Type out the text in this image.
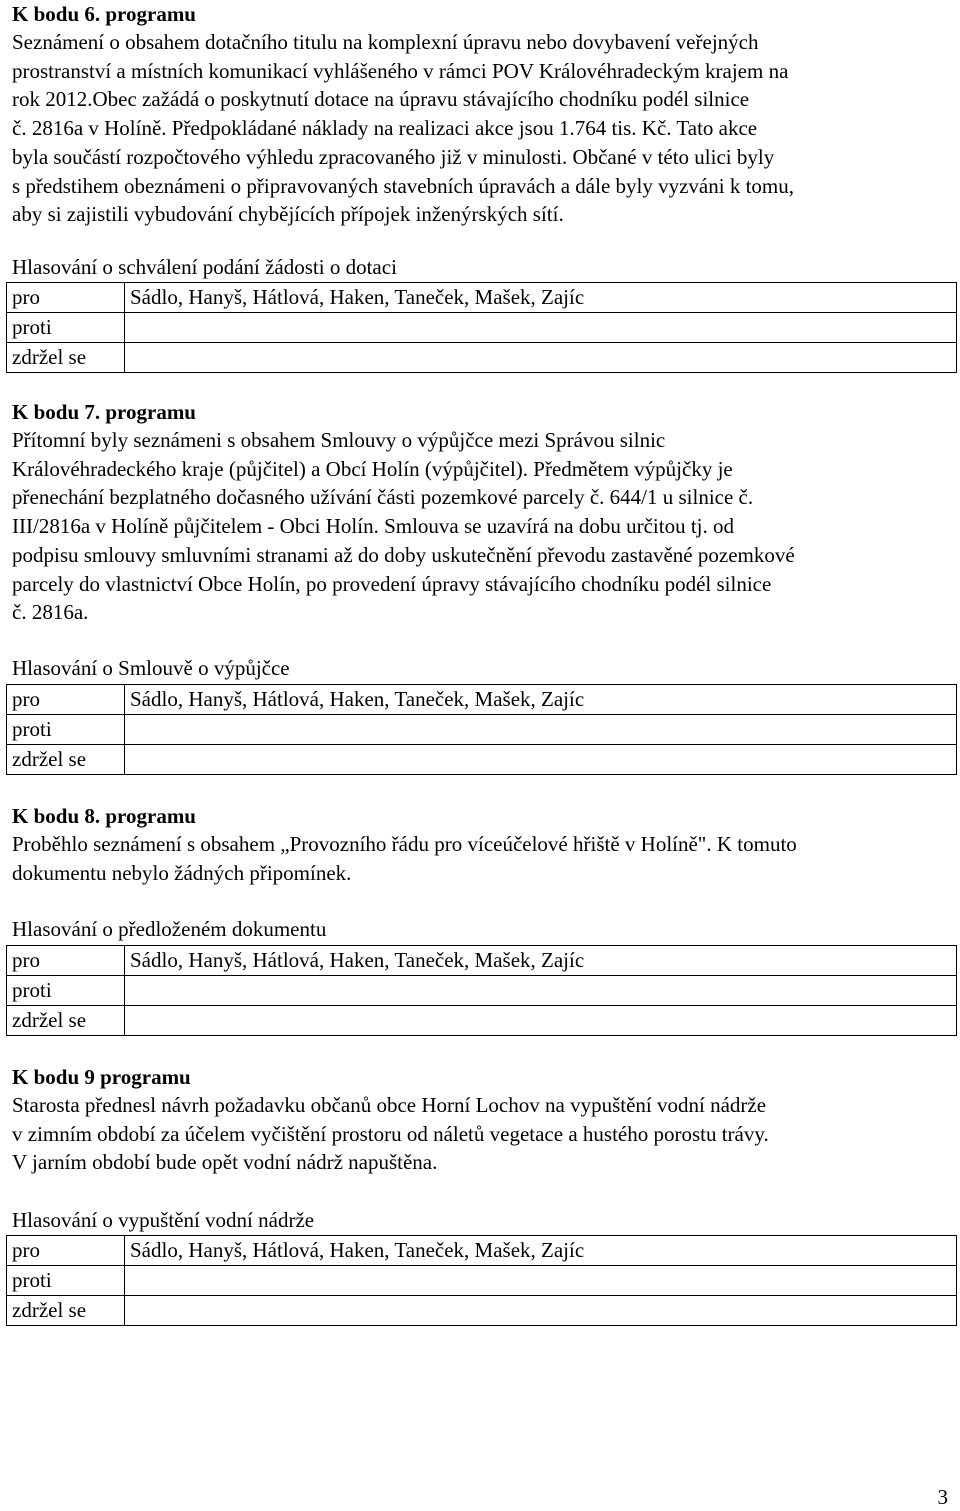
K bodu 6. programu

Seznámení o obsahem dotačního titulu na komplexní úpravu nebo dovybavení veřejných
prostranství a místních komunikací vyhlášeného v rámci POV Královéhradeckým krajem na
rok 2012.Obec zažádá o poskytnutí dotace na úpravu stávajícího chodníku podél silnice
č. 2816a v Holíně. Předpokládané náklady na realizaci akce jsou 1.764 tis. Kč. Tato akce
byla součástí rozpočtového výhledu zpracovaného již v minulosti. Občané v této ulici byly
s předstihem obeznámeni o připravovaných stavebních úpravách a dále byly vyzváni k tomu,
aby si zajistili vybudování chybějících přípojek inženýrských sítí.

Hlasování o schválení podání žádosti o dotaci
pro	Sádlo, Hanyš, Hátlová, Haken, Taneček, Mašek, Zajíc
proti	
zdržel se	

K bodu 7. programu

Přítomní byly seznámeni s obsahem Smlouvy o výpůjčce mezi Správou silnic
Královéhradeckého kraje (půjčitel) a Obcí Holín (výpůjčitel). Předmětem výpůjčky je
přenechání bezplatného dočasného užívání části pozemkové parcely č. 644/1 u silnice č.
III/2816a v Holíně půjčitelem - Obci Holín. Smlouva se uzavírá na dobu určitou tj. od
podpisu smlouvy smluvními stranami až do doby uskutečnění převodu zastavěné pozemkové
parcely do vlastnictví Obce Holín, po provedení úpravy stávajícího chodníku podél silnice
č. 2816a.

Hlasování o Smlouvě o výpůjčce
pro	Sádlo, Hanyš, Hátlová, Haken, Taneček, Mašek, Zajíc
proti	
zdržel se	

K bodu 8. programu

Proběhlo seznámení s obsahem „Provozního řádu pro víceúčelové hřiště v Holíně". K tomuto
dokumentu nebylo žádných připomínek.

Hlasování o předloženém dokumentu
pro	Sádlo, Hanyš, Hátlová, Haken, Taneček, Mašek, Zajíc
proti	
zdržel se	

K bodu 9 programu

Starosta přednesl návrh požadavku občanů obce Horní Lochov na vypuštění vodní nádrže
v zimním období za účelem vyčištění prostoru od náletů vegetace a hustého porostu trávy.
V jarním období bude opět vodní nádrž napuštěna.

Hlasování o vypuštění vodní nádrže
pro	Sádlo, Hanyš, Hátlová, Haken, Taneček, Mašek, Zajíc
proti	
zdržel se	
3
